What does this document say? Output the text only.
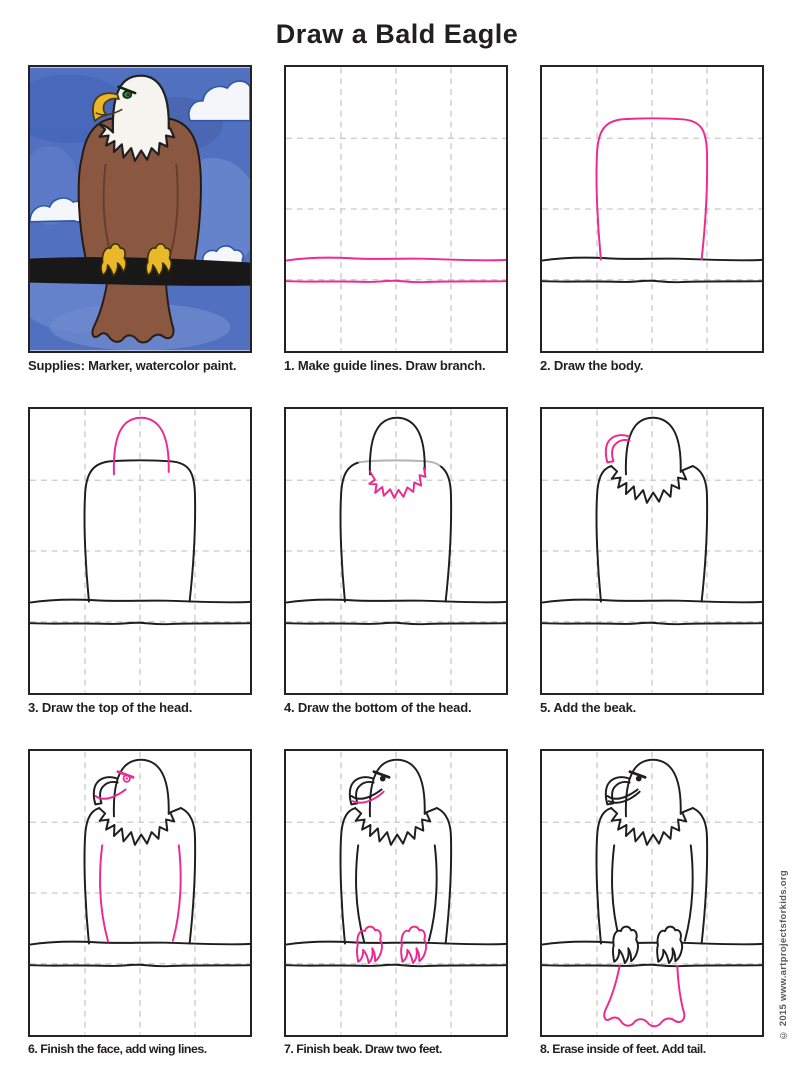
Draw a Bald Eagle
Supplies: Marker, watercolor paint.	1. Make guide lines. Draw branch.	2. Draw the body.
3. Draw the top of the head.	4. Draw the bottom of the head.	5. Add the beak.
6. Finish the face, add wing lines.	7. Finish beak. Draw two feet.	8. Erase inside of feet. Add tail.
© 2015 www.artprojectsforkids.org
